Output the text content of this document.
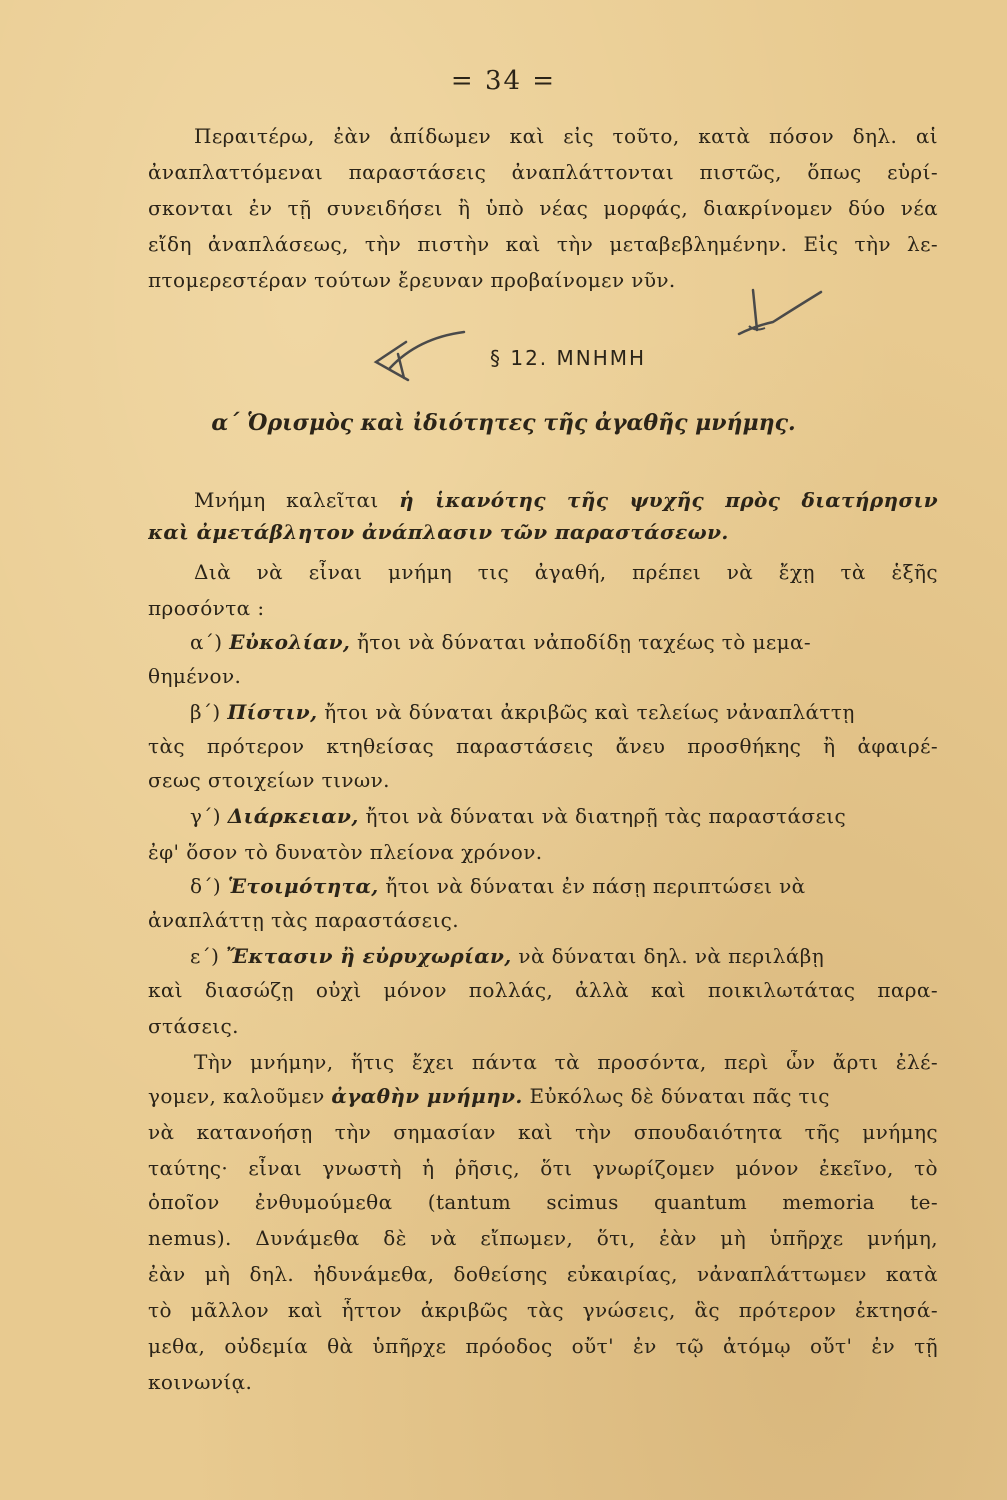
= 34 =
Περαιτέρω, ἐὰν ἀπίδωμεν καὶ εἰς τοῦτο, κατὰ πόσον δηλ. αἱ
ἀναπλαττόμεναι παραστάσεις ἀναπλάττονται πιστῶς, ὅπως εὑρί-
σκονται ἐν τῇ συνειδήσει ἢ ὑπὸ νέας μορφάς, διακρίνομεν δύο νέα
εἴδη ἀναπλάσεως, τὴν πιστὴν καὶ τὴν μεταβεβλημένην. Εἰς τὴν λε-
πτομερεστέραν τούτων ἔρευναν προβαίνομεν νῦν.
§ 12. ΜΝΗΜΗ
α΄ Ὁρισμὸς καὶ ἰδιότητες τῆς ἀγαθῆς μνήμης.
Μνήμη καλεῖται ἡ ἱκανότης τῆς ψυχῆς πρὸς διατήρησιν
καὶ ἀμετάβλητον ἀνάπλασιν τῶν παραστάσεων.
Διὰ νὰ εἶναι μνήμη τις ἀγαθή, πρέπει νὰ ἔχῃ τὰ ἑξῆς
προσόντα :
α΄) Εὐκολίαν, ἤτοι νὰ δύναται νἀποδίδῃ ταχέως τὸ μεμα-
θημένον.
β΄) Πίστιν, ἤτοι νὰ δύναται ἀκριβῶς καὶ τελείως νἀναπλάττῃ
τὰς πρότερον κτηθείσας παραστάσεις ἄνευ προσθήκης ἢ ἀφαιρέ-
σεως στοιχείων τινων.
γ΄) Διάρκειαν, ἤτοι νὰ δύναται νὰ διατηρῇ τὰς παραστάσεις
ἐφ' ὅσον τὸ δυνατὸν πλείονα χρόνον.
δ΄) Ἑτοιμότητα, ἤτοι νὰ δύναται ἐν πάσῃ περιπτώσει νὰ
ἀναπλάττῃ τὰς παραστάσεις.
ε΄) Ἔκτασιν ἢ εὐρυχωρίαν, νὰ δύναται δηλ. νὰ περιλάβῃ
καὶ διασώζῃ οὐχὶ μόνον πολλάς, ἀλλὰ καὶ ποικιλωτάτας παρα-
στάσεις.
Τὴν μνήμην, ἥτις ἔχει πάντα τὰ προσόντα, περὶ ὧν ἄρτι ἐλέ-
γομεν, καλοῦμεν ἀγαθὴν μνήμην. Εὐκόλως δὲ δύναται πᾶς τις
νὰ κατανοήσῃ τὴν σημασίαν καὶ τὴν σπουδαιότητα τῆς μνήμης
ταύτης· εἶναι γνωστὴ ἡ ῥῆσις, ὅτι γνωρίζομεν μόνον ἐκεῖνο, τὸ
ὁποῖον ἐνθυμούμεθα (tantum scimus quantum memoria te-
nemus). Δυνάμεθα δὲ νὰ εἴπωμεν, ὅτι, ἐὰν μὴ ὑπῆρχε μνήμη,
ἐὰν μὴ δηλ. ἠδυνάμεθα, δοθείσης εὐκαιρίας, νἀναπλάττωμεν κατὰ
τὸ μᾶλλον καὶ ἧττον ἀκριβῶς τὰς γνώσεις, ἃς πρότερον ἐκτησά-
μεθα, οὐδεμία θὰ ὑπῆρχε πρόοδος οὔτ' ἐν τῷ ἀτόμῳ οὔτ' ἐν τῇ
κοινωνίᾳ.
